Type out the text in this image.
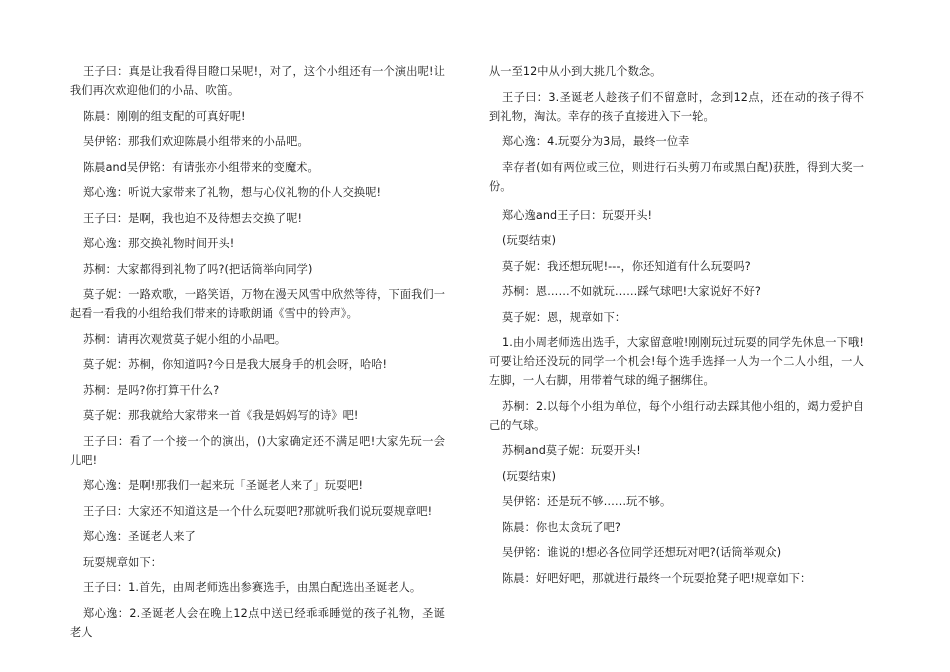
王子曰：真是让我看得目瞪口呆呢!，对了，这个小组还有一个演出呢!让我们再次欢迎他们的小品、吹笛。

陈晨：刚刚的组支配的可真好呢!

吴伊铭：那我们欢迎陈晨小组带来的小品吧。

陈晨and吴伊铭：有请张亦小组带来的变魔术。

郑心逸：听说大家带来了礼物，想与心仪礼物的仆人交换呢!

王子曰：是啊，我也迫不及待想去交换了呢!

郑心逸：那交换礼物时间开头!

苏桐：大家都得到礼物了吗?(把话筒举向同学)

莫子妮：一路欢歌，一路笑语，万物在漫天风雪中欣然等待，下面我们一起看一看我的小组给我们带来的诗歌朗诵《雪中的铃声》。

苏桐：请再次观赏莫子妮小组的小品吧。

莫子妮：苏桐，你知道吗?今日是我大展身手的机会呀，哈哈!

苏桐：是吗?你打算干什么?

莫子妮：那我就给大家带来一首《我是妈妈写的诗》吧!

王子曰：看了一个接一个的演出，()大家确定还不满足吧!大家先玩一会儿吧!

郑心逸：是啊!那我们一起来玩「圣诞老人来了」玩耍吧!

王子曰：大家还不知道这是一个什么玩耍吧?那就听我们说玩耍规章吧!

郑心逸：圣诞老人来了

玩耍规章如下：

王子曰：1.首先，由周老师选出参赛选手，由黑白配选出圣诞老人。

郑心逸：2.圣诞老人会在晚上12点中送已经乖乖睡觉的孩子礼物，圣诞老人

从一至12中从小到大挑几个数念。

王子曰：3.圣诞老人趁孩子们不留意时，念到12点，还在动的孩子得不到礼物，淘汰。幸存的孩子直接进入下一轮。

郑心逸：4.玩耍分为3局，最终一位幸

幸存者(如有两位或三位，则进行石头剪刀布或黑白配)获胜，得到大奖一份。

郑心逸and王子曰：玩耍开头!

(玩耍结束)

莫子妮：我还想玩呢!---，你还知道有什么玩耍吗?

苏桐：恩……不如就玩……踩气球吧!大家说好不好?

莫子妮：恩，规章如下：

1.由小周老师选出选手，大家留意啦!刚刚玩过玩耍的同学先休息一下哦!可要让给还没玩的同学一个机会!每个选手选择一人为一个二人小组，一人左脚，一人右脚，用带着气球的绳子捆绑住。

苏桐：2.以每个小组为单位，每个小组行动去踩其他小组的，竭力爱护自己的气球。

苏桐and莫子妮：玩耍开头!

(玩耍结束)

吴伊铭：还是玩不够……玩不够。

陈晨：你也太贪玩了吧?

吴伊铭：谁说的!想必各位同学还想玩对吧?(话筒举观众)

陈晨：好吧好吧，那就进行最终一个玩耍抢凳子吧!规章如下：
